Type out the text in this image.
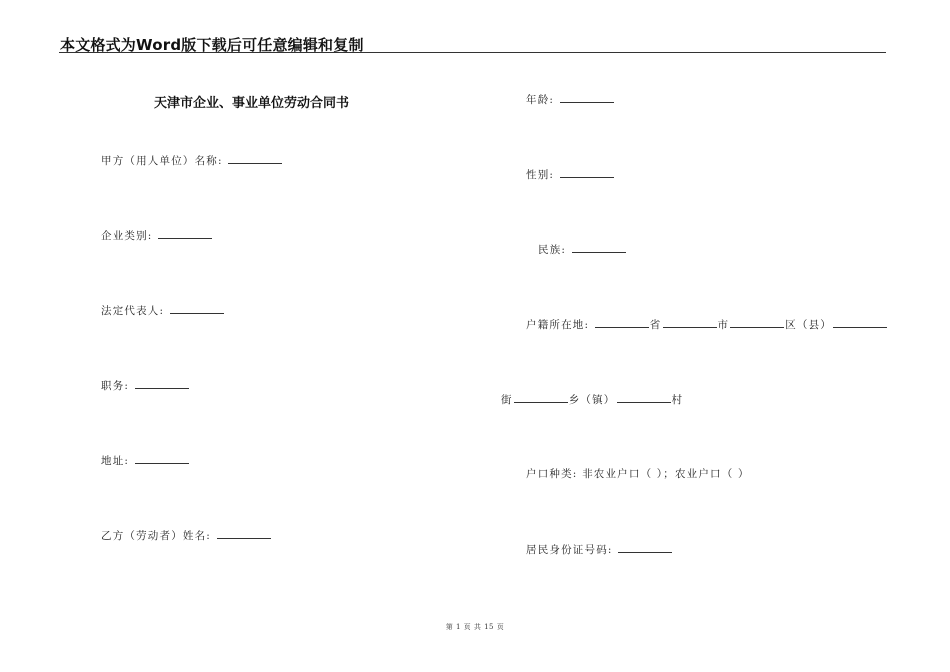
本文格式为Word版下载后可任意编辑和复制
天津市企业、事业单位劳动合同书
甲方（用人单位）名称:
企业类别:
法定代表人:
职务:
地址:
乙方（劳动者）姓名:
年龄:
性别:
民族:
户籍所在地:	省	市	区（县）
街	乡（镇）	村
户口种类: 非农业户口（ ）；农业户口（ ）
居民身份证号码:
第 1 页 共 15 页
